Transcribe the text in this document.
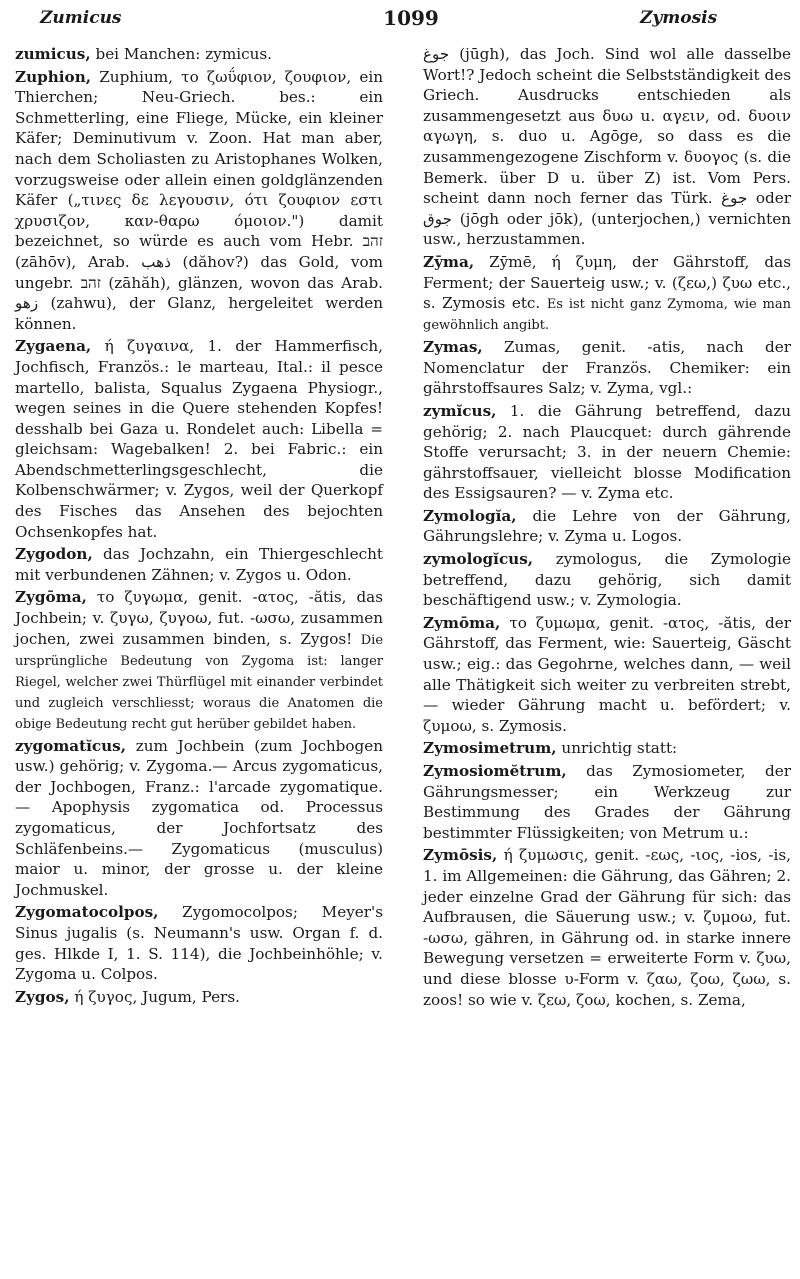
Zumicus	1099	Zymosis

zumicus, bei Manchen: zymicus.

Zuphion, Zuphium, το ζωΰφιον, ζουφιον, ein Thierchen; Neu-Griech. bes.: ein Schmetterling, eine Fliege, Mücke, ein kleiner Käfer; Deminutivum v. Zoon. Hat man aber, nach dem Scholiasten zu Aristophanes Wolken, vorzugsweise oder allein einen goldglänzenden Käfer („τινες δε λεγουσιν, ότι ζουφιον εστι χρυσιζον, καν-θαρω όμοιον.") damit bezeichnet, so würde es auch vom Hebr. זהב (zāhōv), Arab. ذهب (dăhov?) das Gold, vom ungebr. זהב (zāhăh), glänzen, wovon das Arab. زهو (zahwu), der Glanz, hergeleitet werden können.

Zygaena, ή ζυγαινα, 1. der Hammerfisch, Jochfisch, Französ.: le marteau, Ital.: il pesce martello, balista, Squalus Zygaena Physiogr., wegen seines in die Quere stehenden Kopfes! desshalb bei Gaza u. Rondelet auch: Libella = gleichsam: Wagebalken! 2. bei Fabric.: ein Abendschmetterlingsgeschlecht, die Kolbenschwärmer; v. Zygos, weil der Querkopf des Fisches das Ansehen des bejochten Ochsenkopfes hat.

Zygodon, das Jochzahn, ein Thiergeschlecht mit verbundenen Zähnen; v. Zygos u. Odon.

Zygōma, το ζυγωμα, genit. -ατος, -ătis, das Jochbein; v. ζυγω, ζυγοω, fut. -ωσω, zusammen jochen, zwei zusammen binden, s. Zygos! Die ursprüngliche Bedeutung von Zygoma ist: langer Riegel, welcher zwei Thürflügel mit einander verbindet und zugleich verschliesst; woraus die Anatomen die obige Bedeutung recht gut herüber gebildet haben.

zygomatĭcus, zum Jochbein (zum Jochbogen usw.) gehörig; v. Zygoma.— Arcus zygomaticus, der Jochbogen, Franz.: l'arcade zygomatique. — Apophysis zygomatica od. Processus zygomaticus, der Jochfortsatz des Schläfenbeins.— Zygomaticus (musculus) maior u. minor, der grosse u. der kleine Jochmuskel.

Zygomatocolpos, Zygomocolpos; Meyer's Sinus jugalis (s. Neumann's usw. Organ f. d. ges. Hlkde I, 1. S. 114), die Jochbeinhöhle; v. Zygoma u. Colpos.

Zygos, ή ζυγος, Jugum, Pers.

جوغ (jūgh), das Joch. Sind wol alle dasselbe Wort!? Jedoch scheint die Selbstständigkeit des Griech. Ausdrucks entschieden als zusammengesetzt aus δυω u. αγειν, od. δυοιν αγωγη, s. duo u. Agōge, so dass es die zusammengezogene Zischform v. δυογος (s. die Bemerk. über D u. über Z) ist. Vom Pers. scheint dann noch ferner das Türk. جوغ oder جوق (jōgh oder jōk), (unterjochen,) vernichten usw., herzustammen.

Zȳma, Zȳmē, ή ζυμη, der Gährstoff, das Ferment; der Sauerteig usw.; v. (ζεω,) ζυω etc., s. Zymosis etc. Es ist nicht ganz Zymoma, wie man gewöhnlich angibt.

Zymas, Zumas, genit. -atis, nach der Nomenclatur der Französ. Chemiker: ein gährstoffsaures Salz; v. Zyma, vgl.:

zymĭcus, 1. die Gährung betreffend, dazu gehörig; 2. nach Plaucquet: durch gährende Stoffe verursacht; 3. in der neuern Chemie: gährstoffsauer, vielleicht blosse Modification des Essigsauren? — v. Zyma etc.

Zymologĭa, die Lehre von der Gährung, Gährungslehre; v. Zyma u. Logos.

zymologĭcus, zymologus, die Zymologie betreffend, dazu gehörig, sich damit beschäftigend usw.; v. Zymologia.

Zymōma, το ζυμωμα, genit. -ατος, -ătis, der Gährstoff, das Ferment, wie: Sauerteig, Gäscht usw.; eig.: das Gegohrne, welches dann, — weil alle Thätigkeit sich weiter zu verbreiten strebt, — wieder Gährung macht u. befördert; v. ζυμοω, s. Zymosis.

Zymosimetrum, unrichtig statt:

Zymosiomĕtrum, das Zymosiometer, der Gährungsmesser; ein Werkzeug zur Bestimmung des Grades der Gährung bestimmter Flüssigkeiten; von Metrum u.:

Zymōsis, ή ζυμωσις, genit. -εως, -ιος, -ios, -is, 1. im Allgemeinen: die Gährung, das Gähren; 2. jeder einzelne Grad der Gährung für sich: das Aufbrausen, die Säuerung usw.; v. ζυμοω, fut. -ωσω, gähren, in Gährung od. in starke innere Bewegung versetzen = erweiterte Form v. ζυω, und diese blosse υ-Form v. ζαω, ζοω, ζωω, s. zoos! so wie v. ζεω, ζοω, kochen, s. Zema,
